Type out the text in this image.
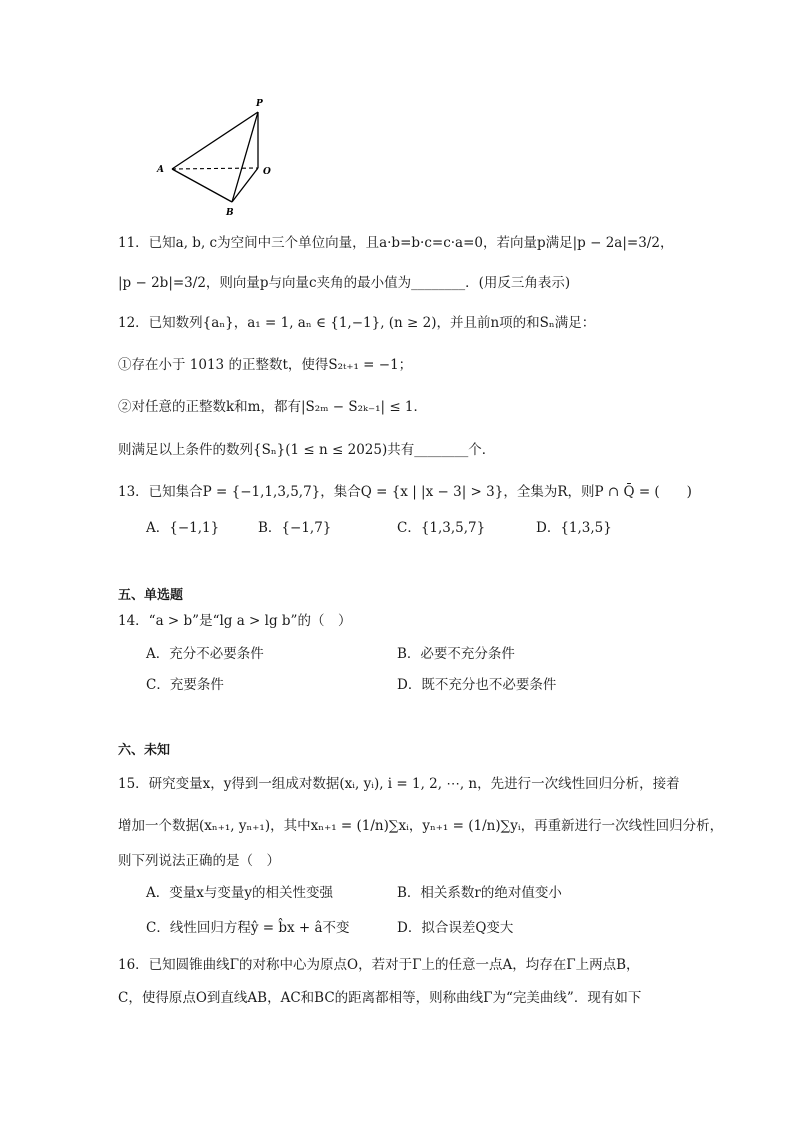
P
A	O
B
11．已知a, b, c为空间中三个单位向量，且a·b=b·c=c·a=0，若向量p满足|p − 2a|=3/2，
|p − 2b|=3/2，则向量p与向量c夹角的最小值为________．(用反三角表示)
12．已知数列{aₙ}，a₁ = 1, aₙ ∈ {1,−1}, (n ≥ 2)，并且前n项的和Sₙ满足：
①存在小于 1013 的正整数t，使得S₂ₜ₊₁ = −1；
②对任意的正整数k和m，都有|S₂ₘ − S₂ₖ₋₁| ≤ 1．
则满足以上条件的数列{Sₙ}(1 ≤ n ≤ 2025)共有________个．
13．已知集合P = {−1,1,3,5,7}，集合Q = {x | |x − 3| > 3}，全集为R，则P ∩ Q̄ = (　　)
A．{−1,1}	B．{−1,7}	C．{1,3,5,7}	D．{1,3,5}
五、单选题
14．“a > b”是“lg a > lg b”的（　）
A．充分不必要条件	B．必要不充分条件
C．充要条件	D．既不充分也不必要条件
六、未知
15．研究变量x，y得到一组成对数据(xᵢ, yᵢ), i = 1, 2, ⋯, n，先进行一次线性回归分析，接着
增加一个数据(xₙ₊₁, yₙ₊₁)，其中xₙ₊₁ = (1/n)∑xᵢ，yₙ₊₁ = (1/n)∑yᵢ，再重新进行一次线性回归分析，
则下列说法正确的是（　）
A．变量x与变量y的相关性变强	B．相关系数r的绝对值变小
C．线性回归方程ŷ = b̂x + â不变	D．拟合误差Q变大
16．已知圆锥曲线Γ的对称中心为原点O，若对于Γ上的任意一点A，均存在Γ上两点B，
C，使得原点O到直线AB，AC和BC的距离都相等，则称曲线Γ为“完美曲线”．现有如下
